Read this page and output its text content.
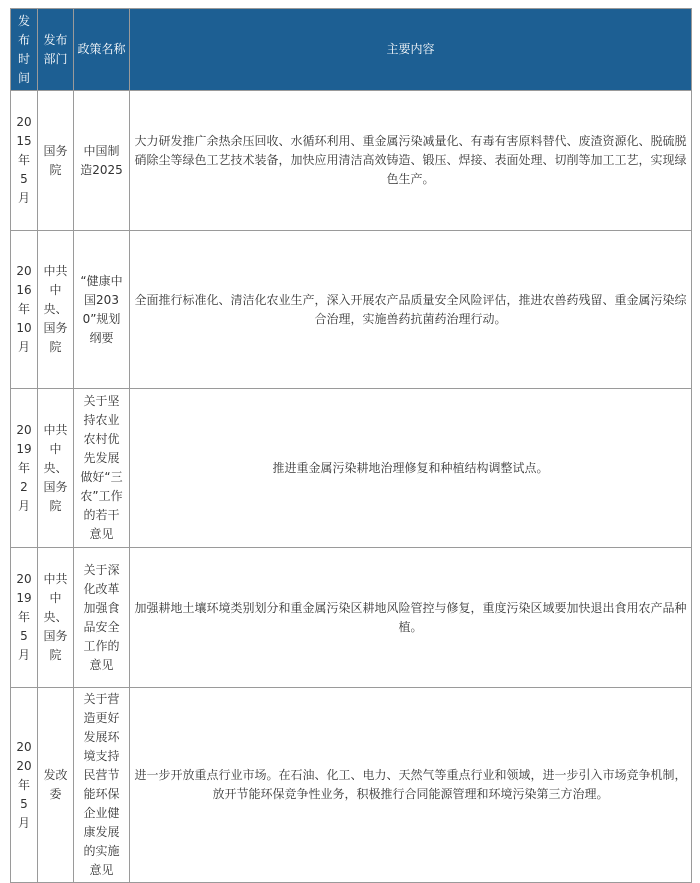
发布时间	发布部门	政策名称	主要内容
2015年5月	国务院	中国制造2025	大力研发推广余热余压回收、水循环利用、重金属污染减量化、有毒有害原料替代、废渣资源化、脱硫脱硝除尘等绿色工艺技术装备，加快应用清洁高效铸造、锻压、焊接、表面处理、切削等加工工艺，实现绿色生产。
2016年10月	中共中央、国务院	“健康中国2030”规划纲要	全面推行标准化、清洁化农业生产，深入开展农产品质量安全风险评估，推进农兽药残留、重金属污染综合治理，实施兽药抗菌药治理行动。
2019年2月	中共中央、国务院	关于坚持农业农村优先发展做好“三农”工作的若干意见	推进重金属污染耕地治理修复和种植结构调整试点。
2019年5月	中共中央、国务院	关于深化改革加强食品安全工作的意见	加强耕地土壤环境类别划分和重金属污染区耕地风险管控与修复，重度污染区域要加快退出食用农产品种植。
2020年5月	发改委	关于营造更好发展环境支持民营节能环保企业健康发展的实施意见	进一步开放重点行业市场。在石油、化工、电力、天然气等重点行业和领域，进一步引入市场竞争机制，放开节能环保竞争性业务，积极推行合同能源管理和环境污染第三方治理。
